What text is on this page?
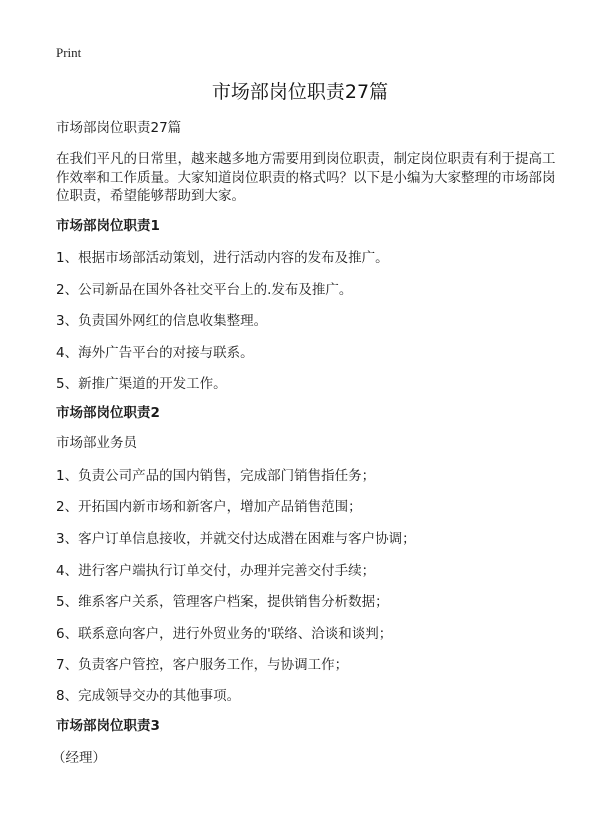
Print
市场部岗位职责27篇

市场部岗位职责27篇

在我们平凡的日常里，越来越多地方需要用到岗位职责，制定岗位职责有利于提高工作效率和工作质量。大家知道岗位职责的格式吗？以下是小编为大家整理的市场部岗位职责，希望能够帮助到大家。

市场部岗位职责1

1、根据市场部活动策划，进行活动内容的发布及推广。

2、公司新品在国外各社交平台上的.发布及推广。

3、负责国外网红的信息收集整理。

4、海外广告平台的对接与联系。

5、新推广渠道的开发工作。

市场部岗位职责2

市场部业务员

1、负责公司产品的国内销售，完成部门销售指任务；

2、开拓国内新市场和新客户，增加产品销售范围；

3、客户订单信息接收，并就交付达成潜在困难与客户协调；

4、进行客户端执行订单交付，办理并完善交付手续；

5、维系客户关系，管理客户档案，提供销售分析数据；

6、联系意向客户，进行外贸业务的'联络、洽谈和谈判；

7、负责客户管控，客户服务工作，与协调工作；

8、完成领导交办的其他事项。

市场部岗位职责3

（经理）
